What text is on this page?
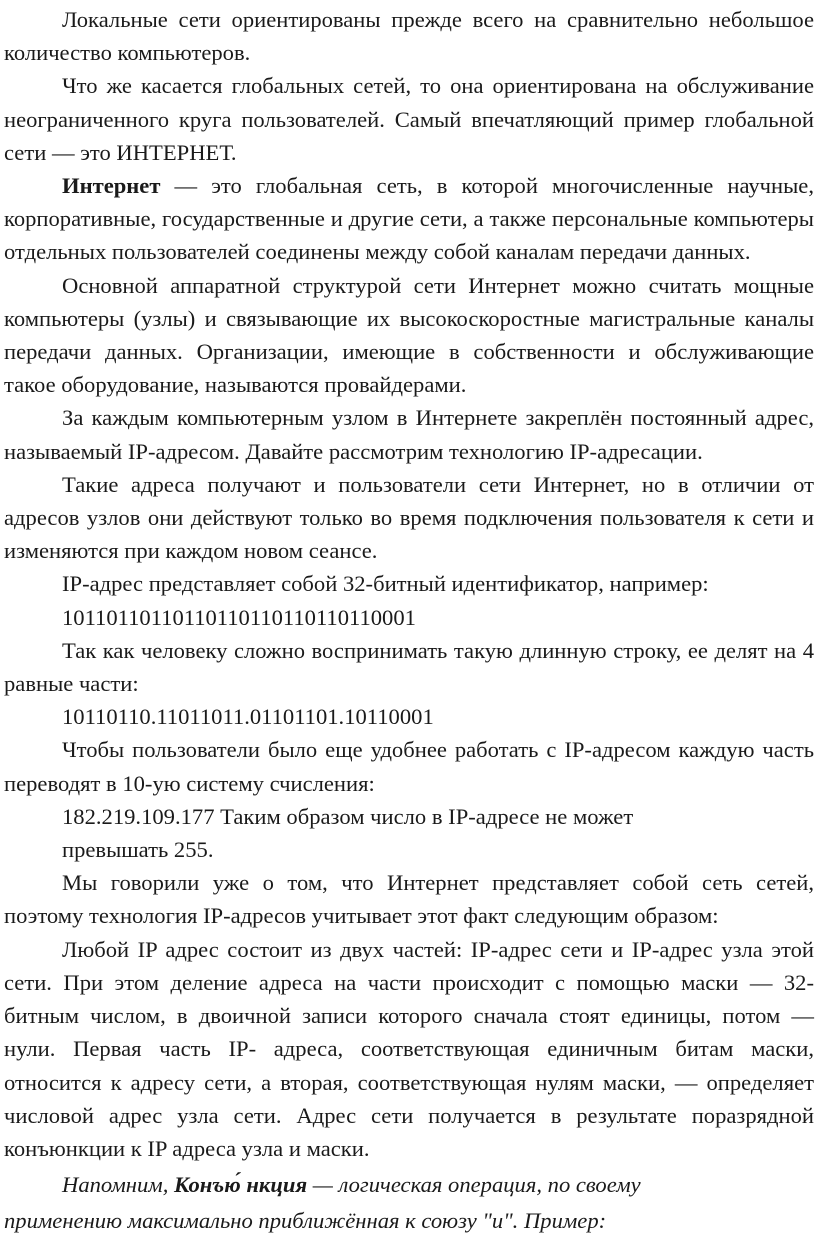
Локальные сети ориентированы прежде всего на сравнительно небольшое количество компьютеров.

Что же касается глобальных сетей, то она ориентирована на обслуживание неограниченного круга пользователей. Самый впечатляющий пример глобальной сети — это ИНТЕРНЕТ.

Интернет — это глобальная сеть, в которой многочисленные научные, корпоративные, государственные и другие сети, а также персональные компьютеры отдельных пользователей соединены между собой каналам передачи данных.

Основной аппаратной структурой сети Интернет можно считать мощные компьютеры (узлы) и связывающие их высокоскоростные магистральные каналы передачи данных. Организации, имеющие в собственности и обслуживающие такое оборудование, называются провайдерами.

За каждым компьютерным узлом в Интернете закреплён постоянный адрес, называемый IP-адресом. Давайте рассмотрим технологию IP-адресации.

Такие адреса получают и пользователи сети Интернет, но в отличии от адресов узлов они действуют только во время подключения пользователя к сети и изменяются при каждом новом сеансе.

IP-адрес представляет собой 32-битный идентификатор, например:

10110110110110110110110110110001

Так как человеку сложно воспринимать такую длинную строку, ее делят на 4 равные части:

10110110.11011011.01101101.10110001

Чтобы пользователи было еще удобнее работать с IP-адресом каждую часть переводят в 10-ую систему счисления:

182.219.109.177 Таким образом число в IP-адресе не может

превышать 255.

Мы говорили уже о том, что Интернет представляет собой сеть сетей, поэтому технология IP-адресов учитывает этот факт следующим образом:

Любой IP адрес состоит из двух частей: IP-адрес сети и IP-адрес узла этой сети. При этом деление адреса на части происходит с помощью маски — 32-битным числом, в двоичной записи которого сначала стоят единицы, потом — нули. Первая часть IP- адреса, соответствующая единичным битам маски, относится к адресу сети, а вторая, соответствующая нулям маски, — определяет числовой адрес узла сети. Адрес сети получается в результате поразрядной конъюнкции к IP адреса узла и маски.

Напомним, Конъю́ нкция — логическая операция, по своему
применению максимально приближённая к союзу "и". Пример:
